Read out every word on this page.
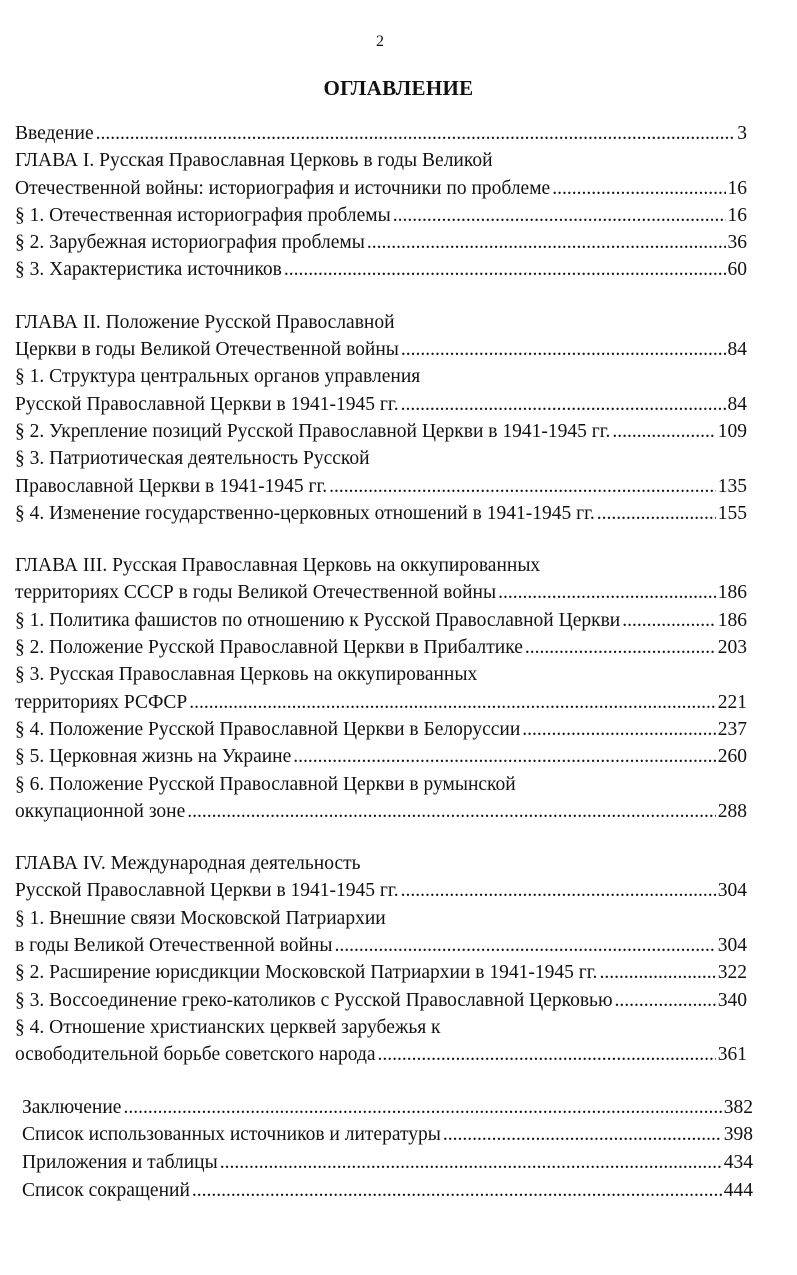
2
ОГЛАВЛЕНИЕ
Введение .....	3
ГЛАВА I. Русская Православная Церковь в годы Великой
Отечественной войны: историография и источники по проблеме .....	16
§ 1. Отечественная историография проблемы .....	16
§ 2. Зарубежная историография проблемы .....	36
§ 3. Характеристика источников .....	60
ГЛАВА II. Положение Русской Православной
Церкви в годы Великой Отечественной войны .....	84
§ 1. Структура центральных органов управления
Русской Православной Церкви в 1941-1945 гг. .....	84
§ 2. Укрепление позиций Русской Православной Церкви в 1941-1945 гг. .....	109
§ 3. Патриотическая деятельность Русской
Православной Церкви в 1941-1945 гг. .....	135
§ 4. Изменение государственно-церковных отношений в 1941-1945 гг. .....	155
ГЛАВА III. Русская Православная Церковь на оккупированных
территориях СССР в годы Великой Отечественной войны .....	186
§ 1. Политика фашистов по отношению к Русской Православной Церкви .....	186
§ 2. Положение Русской Православной Церкви в Прибалтике .....	203
§ 3. Русская Православная Церковь на оккупированных
территориях РСФСР .....	221
§ 4. Положение Русской Православной Церкви в Белоруссии .....	237
§ 5. Церковная жизнь на Украине .....	260
§ 6. Положение Русской Православной Церкви в румынской
оккупационной зоне .....	288
ГЛАВА IV. Международная деятельность
Русской Православной Церкви в 1941-1945 гг. .....	304
§ 1. Внешние связи Московской Патриархии
в годы Великой Отечественной войны .....	304
§ 2. Расширение юрисдикции Московской Патриархии в 1941-1945 гг. .....	322
§ 3. Воссоединение греко-католиков с Русской Православной Церковью .....	340
§ 4. Отношение христианских церквей зарубежья к
освободительной борьбе советского народа .....	361
Заключение .....	382
Список использованных источников и литературы .....	398
Приложения и таблицы .....	434
Список сокращений .....	444
